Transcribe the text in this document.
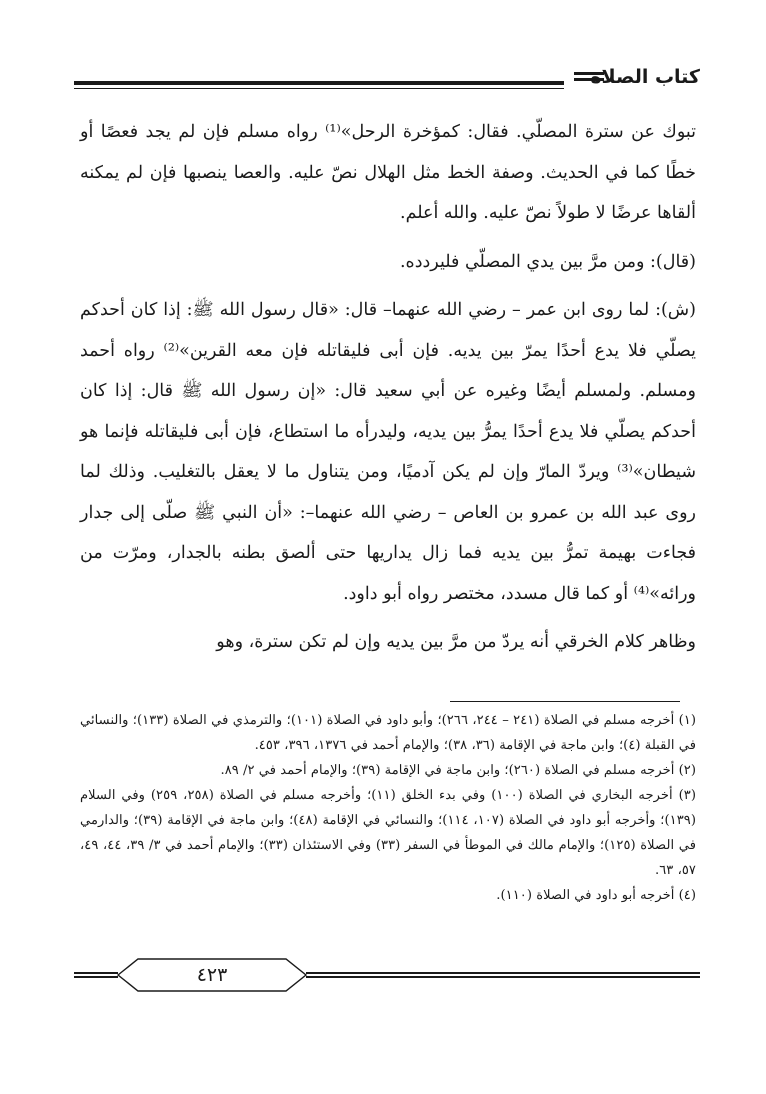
كتاب الصلاة

تبوك عن سترة المصلّي. فقال: كمؤخرة الرحل»⁽¹⁾ رواه مسلم فإن لم يجد فعصًا أو خطًا كما في الحديث. وصفة الخط مثل الهلال نصّ عليه. والعصا ينصبها فإن لم يمكنه ألقاها عرضًا لا طولاً نصّ عليه. والله أعلم.

(قال): ومن مرَّ بين يدي المصلّي فليردده.

(ش): لما روى ابن عمر – رضي الله عنهما– قال: «قال رسول الله ﷺ: إذا كان أحدكم يصلّي فلا يدع أحدًا يمرّ بين يديه. فإن أبى فليقاتله فإن معه القرين»⁽²⁾ رواه أحمد ومسلم. ولمسلم أيضًا وغيره عن أبي سعيد قال: «إن رسول الله ﷺ قال: إذا كان أحدكم يصلّي فلا يدع أحدًا يمرُّ بين يديه، وليدرأه ما استطاع، فإن أبى فليقاتله فإنما هو شيطان»⁽³⁾ ويردّ المارّ وإن لم يكن آدميًا، ومن يتناول ما لا يعقل بالتغليب. وذلك لما روى عبد الله بن عمرو بن العاص – رضي الله عنهما–: «أن النبي ﷺ صلّى إلى جدار فجاءت بهيمة تمرُّ بين يديه فما زال يداريها حتى ألصق بطنه بالجدار، ومرّت من ورائه»⁽⁴⁾ أو كما قال مسدد، مختصر رواه أبو داود.

وظاهر كلام الخرقي أنه يردّ من مرَّ بين يديه وإن لم تكن سترة، وهو

(١) أخرجه مسلم في الصلاة (٢٤١ – ٢٤٤، ٢٦٦)؛ وأبو داود في الصلاة (١٠١)؛ والترمذي في الصلاة (١٣٣)؛ والنسائي في القبلة (٤)؛ وابن ماجة في الإقامة (٣٦، ٣٨)؛ والإمام أحمد في ١٣٧٦، ٣٩٦، ٤٥٣.

(٢) أخرجه مسلم في الصلاة (٢٦٠)؛ وابن ماجة في الإقامة (٣٩)؛ والإمام أحمد في ٢/ ٨٩.

(٣) أخرجه البخاري في الصلاة (١٠٠) وفي بدء الخلق (١١)؛ وأخرجه مسلم في الصلاة (٢٥٨، ٢٥٩) وفي السلام (١٣٩)؛ وأخرجه أبو داود في الصلاة (١٠٧، ١١٤)؛ والنسائي في الإقامة (٤٨)؛ وابن ماجة في الإقامة (٣٩)؛ والدارمي في الصلاة (١٢٥)؛ والإمام مالك في الموطأ في السفر (٣٣) وفي الاستئذان (٣٣)؛ والإمام أحمد في ٣/ ٣٩، ٤٤، ٤٩، ٥٧، ٦٣.

(٤) أخرجه أبو داود في الصلاة (١١٠).

٤٢٣
